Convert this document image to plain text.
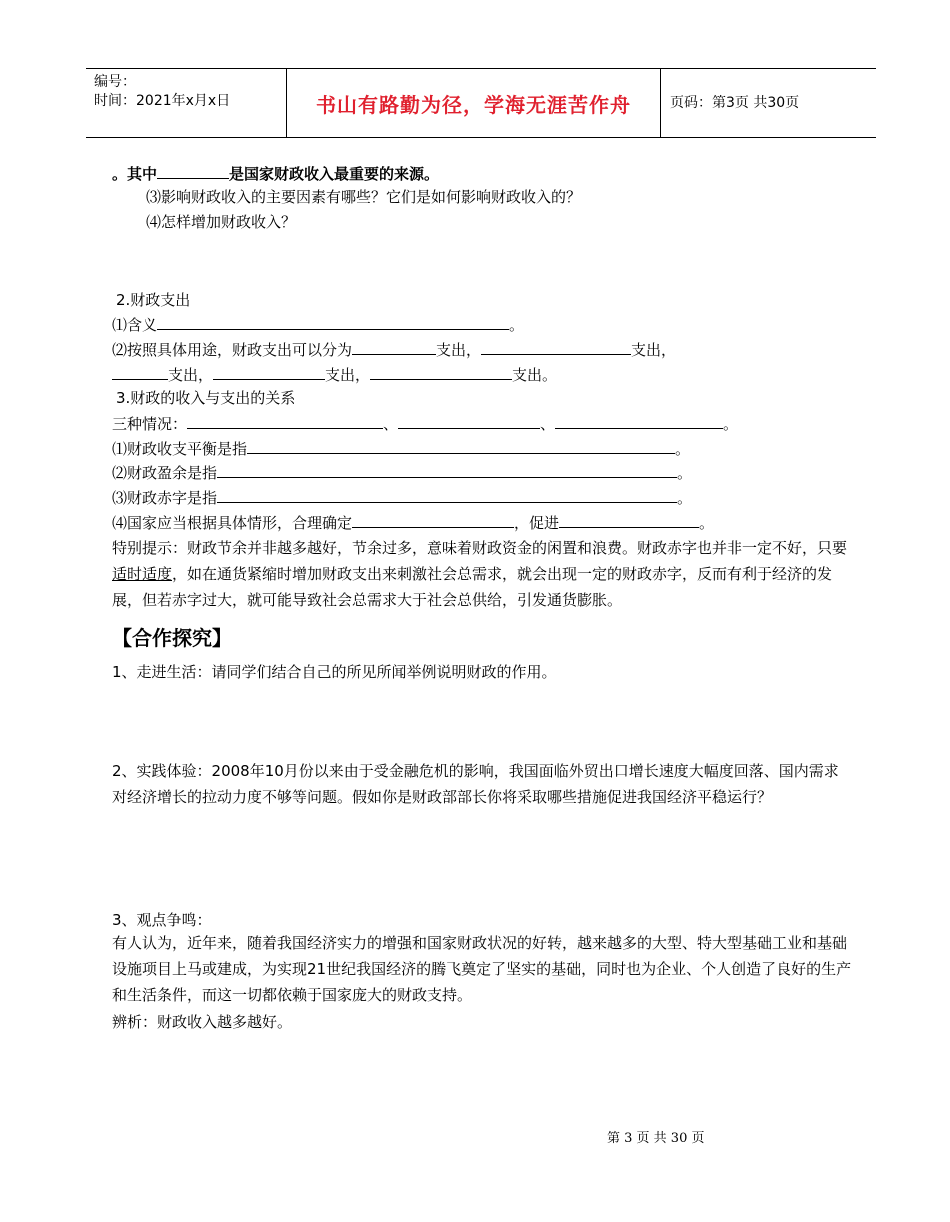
编号：
时间：2021年x月x日	书山有路勤为径，学海无涯苦作舟	页码：第3页 共30页
。其中	是国家财政收入最重要的来源。
⑶影响财政收入的主要因素有哪些？它们是如何影响财政收入的？
⑷怎样增加财政收入？
2.财政支出
⑴含义	。
⑵按照具体用途，财政支出可以分为	支出，	支出，
支出，	支出，	支出。
3.财政的收入与支出的关系
三种情况：	、	、	。
⑴财政收支平衡是指	。
⑵财政盈余是指	。
⑶财政赤字是指	。
⑷国家应当根据具体情形，合理确定	，促进	。
特别提示：财政节余并非越多越好，节余过多，意味着财政资金的闲置和浪费。财政赤字也并非一定不好，只要适时适度，如在通货紧缩时增加财政支出来刺激社会总需求，就会出现一定的财政赤字，反而有利于经济的发展，但若赤字过大，就可能导致社会总需求大于社会总供给，引发通货膨胀。
【合作探究】
1、走进生活：请同学们结合自己的所见所闻举例说明财政的作用。
2、实践体验：2008年10月份以来由于受金融危机的影响，我国面临外贸出口增长速度大幅度回落、国内需求对经济增长的拉动力度不够等问题。假如你是财政部部长你将采取哪些措施促进我国经济平稳运行？
3、观点争鸣：
有人认为，近年来，随着我国经济实力的增强和国家财政状况的好转，越来越多的大型、特大型基础工业和基础设施项目上马或建成，为实现21世纪我国经济的腾飞奠定了坚实的基础，同时也为企业、个人创造了良好的生产和生活条件，而这一切都依赖于国家庞大的财政支持。
辨析：财政收入越多越好。
第 3 页 共 30 页
